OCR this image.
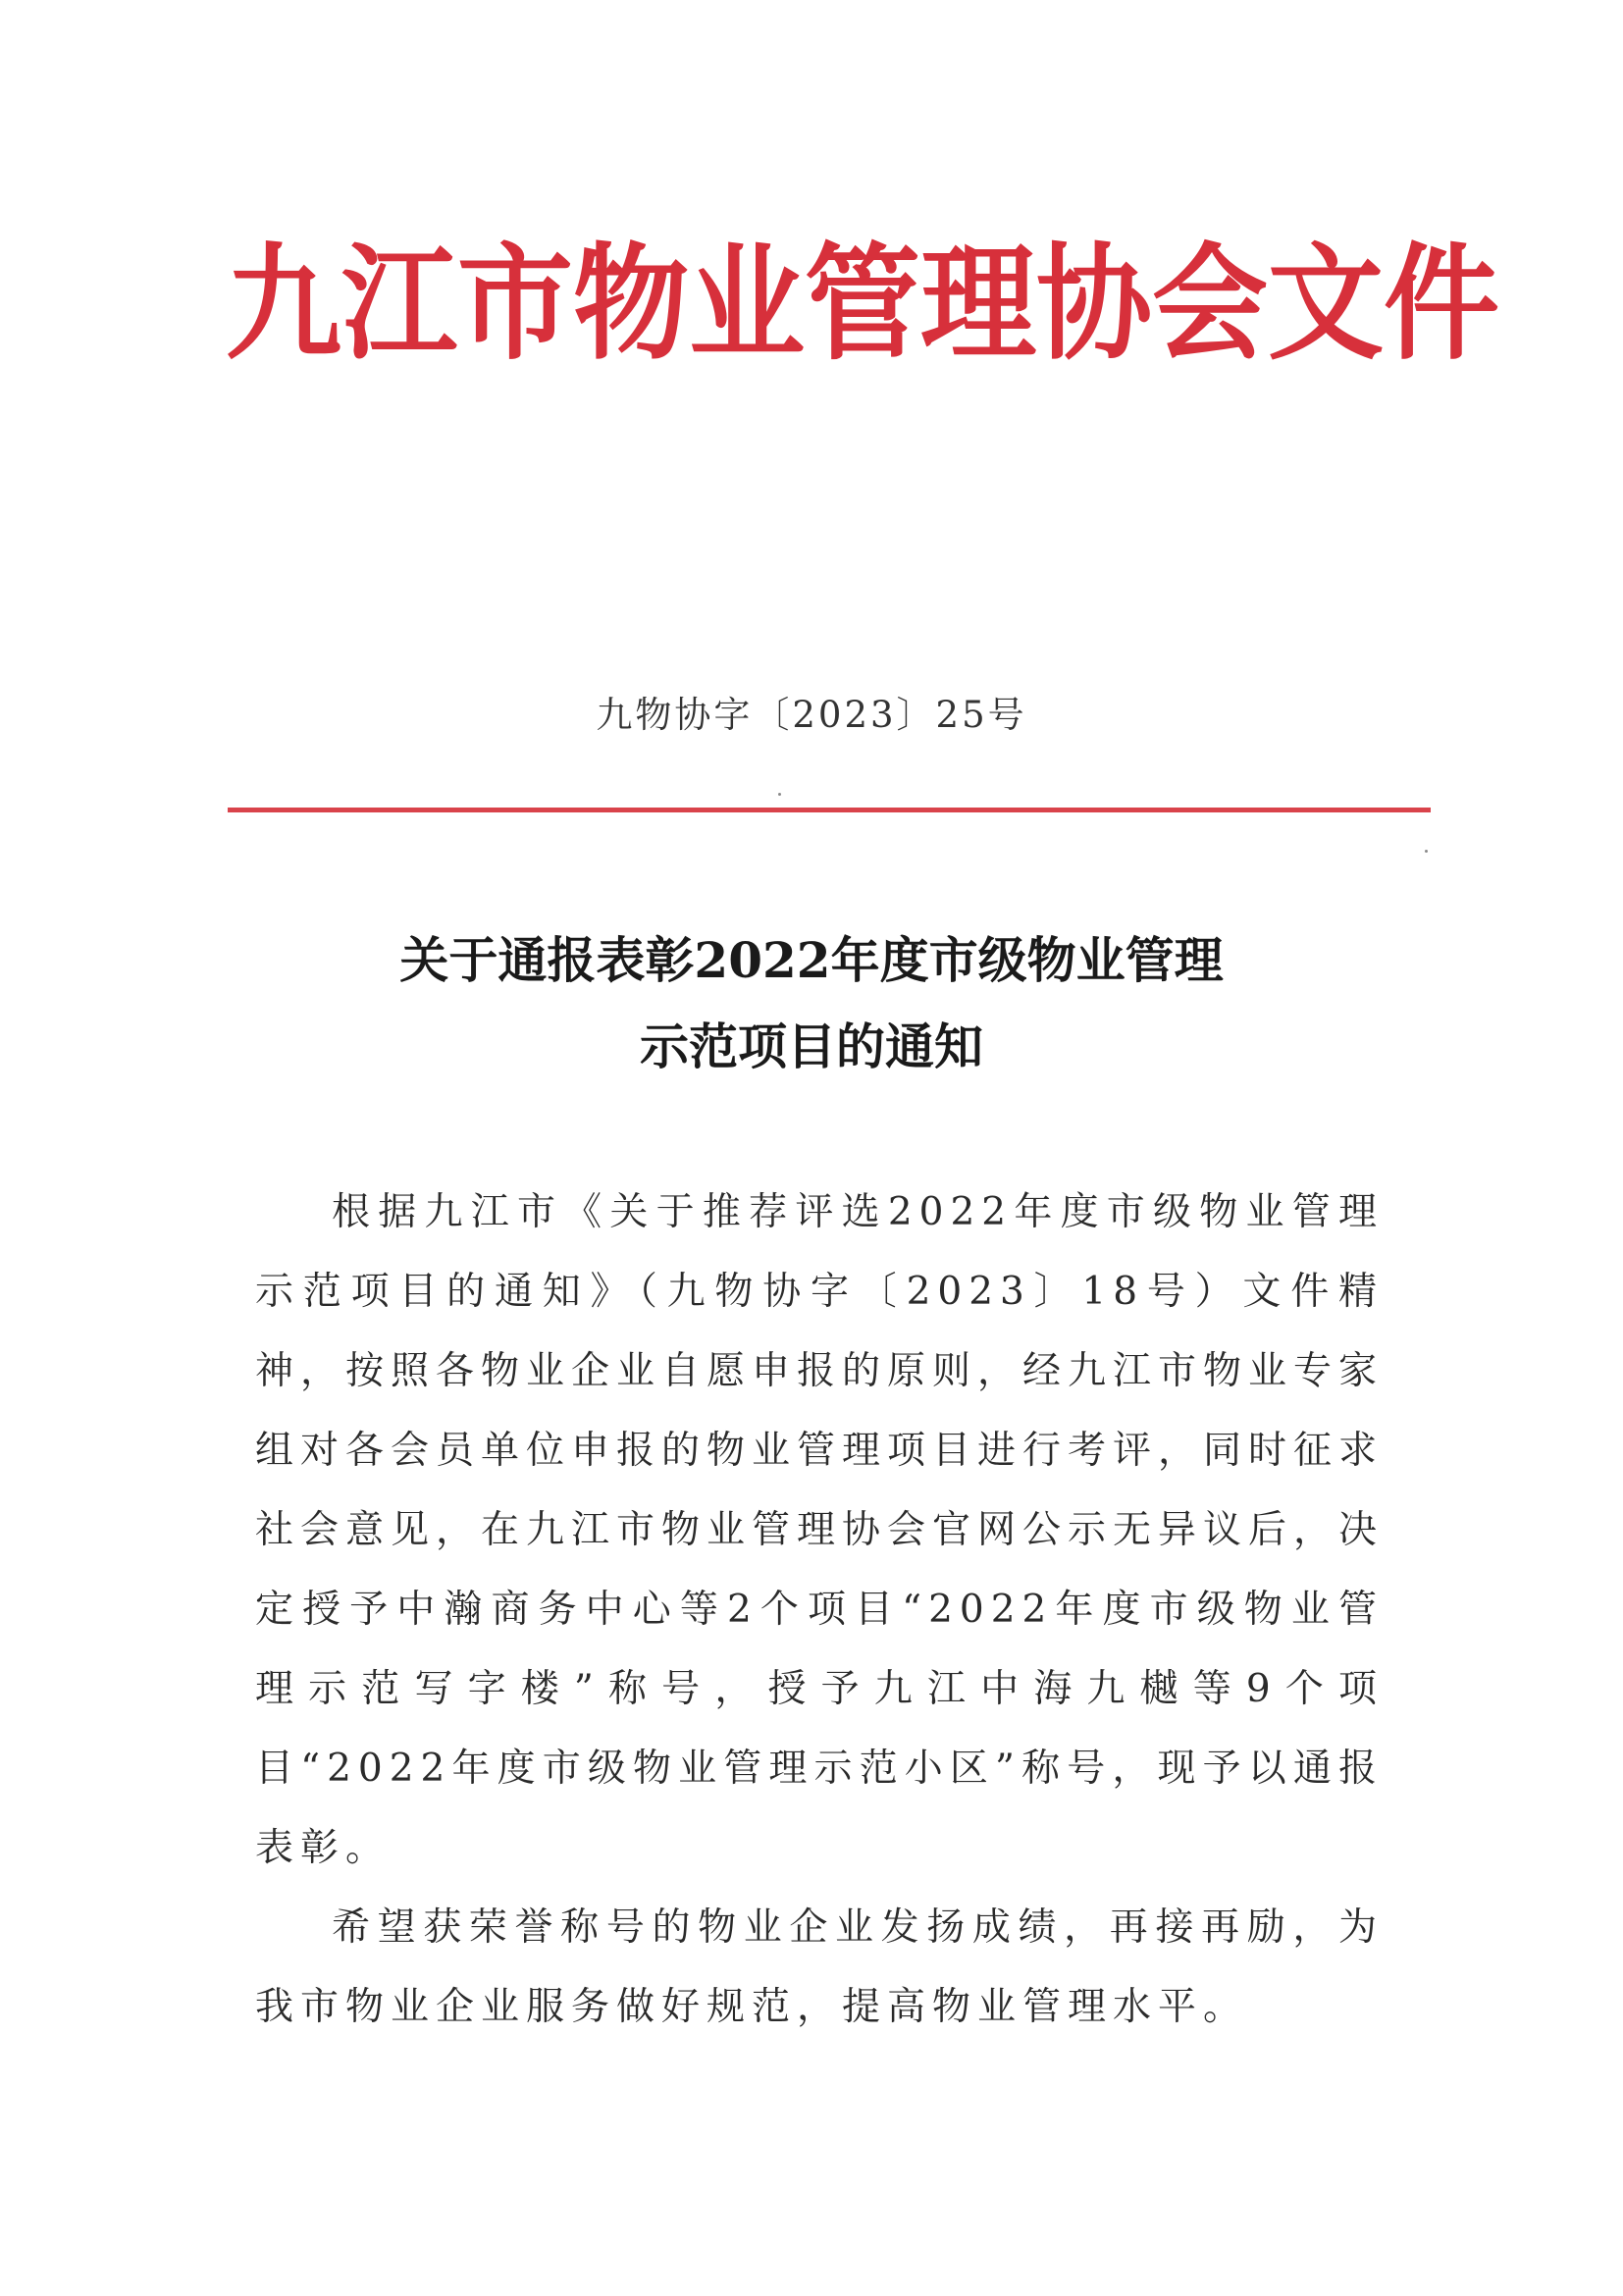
九江市物业管理协会文件
九物协字〔2023〕25号
关于通报表彰2022年度市级物业管理
示范项目的通知

根据九江市《关于推荐评选2022年度市级物业管理示范项目的通知》（九物协字〔2023〕18号）文件精神，按照各物业企业自愿申报的原则，经九江市物业专家组对各会员单位申报的物业管理项目进行考评，同时征求社会意见，在九江市物业管理协会官网公示无异议后，决定授予中瀚商务中心等2个项目“2022年度市级物业管理示范写字楼”称号，授予九江中海九樾等9个项目“2022年度市级物业管理示范小区”称号，现予以通报表彰。

希望获荣誉称号的物业企业发扬成绩，再接再励，为我市物业企业服务做好规范，提高物业管理水平。
